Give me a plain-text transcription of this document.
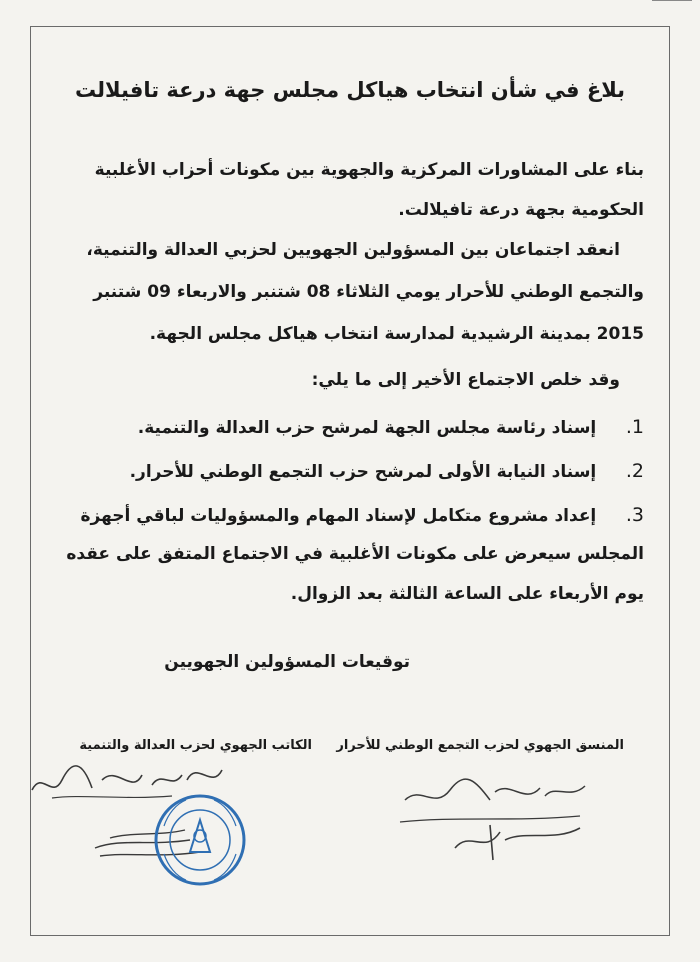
بلاغ في شأن انتخاب هياكل مجلس جهة درعة تافيلالت
بناء على المشاورات المركزية والجهوية بين مكونات أحزاب الأغلبية
الحكومية بجهة درعة تافيلالت.
انعقد اجتماعان بين المسؤولين الجهويين لحزبي العدالة والتنمية،
والتجمع الوطني للأحرار يومي الثلاثاء 08 شتنبر والاربعاء 09 شتنبر
2015 بمدينة الرشيدية لمدارسة انتخاب هياكل مجلس الجهة.
وقد خلص الاجتماع الأخير إلى ما يلي:
1.     إسناد رئاسة مجلس الجهة لمرشح حزب العدالة والتنمية.
2.     إسناد النيابة الأولى لمرشح حزب التجمع الوطني للأحرار.
3.     إعداد مشروع متكامل لإسناد المهام والمسؤوليات لباقي أجهزة
المجلس سيعرض على مكونات الأغلبية في الاجتماع المتفق على عقده
يوم الأربعاء على الساعة الثالثة بعد الزوال.
توقيعات المسؤولين الجهويين
المنسق الجهوي لحزب التجمع الوطني للأحرار
الكاتب الجهوي لحزب العدالة والتنمية
